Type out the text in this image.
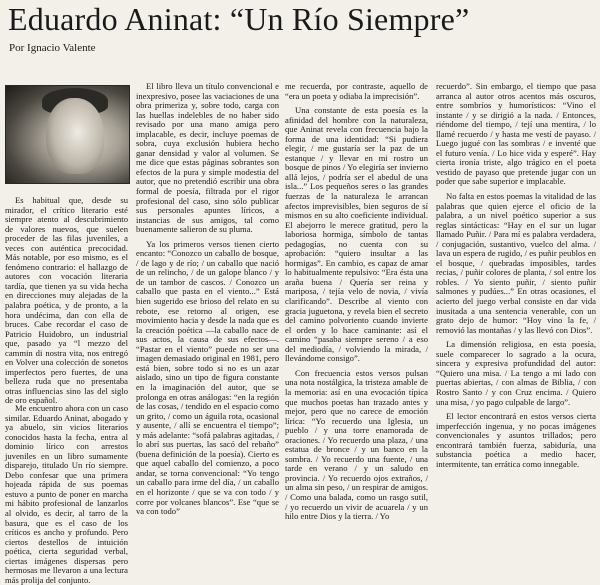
Eduardo Aninat: “Un Río Siempre”
Por Ignacio Valente

Es habitual que, desde su mirador, el crítico literario esté siempre atento al descubrimiento de valores nuevos, que suelen proceder de las filas juveniles, a veces con auténtica precocidad. Más notable, por eso mismo, es el fenómeno contrario: el hallazgo de autores con vocación literaria tardía, que tienen ya su vida hecha en direcciones muy alejadas de la palabra poética, y de pronto, a la hora undécima, dan con ella de bruces. Cabe recordar el caso de Patricio Huidobro, un industrial que, pasado ya “l mezzo del cammin di nostra vita, nos entregó en Volver una colección de sonetos imperfectos pero fuertes, de una belleza ruda que no presentaba otras influencias sino las del siglo de oro español.

Me encuentro ahora con un caso similar. Eduardo Aninat, abogado y ya abuelo, sin vicios literarios conocidos hasta la fecha, entra al dominio lírico con arrestos juveniles en un libro sumamente disparejo, titulado Un río siempre. Debo confesar que una primera hojeada rápida de sus poemas estuvo a punto de poner en marcha mi hábito profesional de lanzarlos al olvido, es decir, al tarro de la basura, que es el caso de los críticos es ancho y profundo. Pero ciertos destellos de intuición poética, cierta seguridad verbal, ciertas imágenes dispersas pero hermosas me llevaron a una lectura más prolija del conjunto.

El libro lleva un título convencional e inexpresivo, posee las vaciaciones de una obra primeriza y, sobre todo, carga con las huellas indelebles de no haber sido revisado por una mano amiga pero implacable, es decir, incluye poemas de sobra, cuya exclusión hubiera hecho ganar densidad y valor al volumen. Se me dice que estas páginas sobrantes son efectos de la pura y simple modestia del autor, que no pretendió escribir una obra formal de poesía, filtrada por el rigor profesional del caso, sino sólo publicar sus personales apuntes líricos, a instancias de sus amigos, tal como buenamente salieron de su pluma.

Ya los primeros versos tienen cierto encanto: “Conozco un caballo de bosque, / de lago y de río; / un caballo que nació de un relincho, / de un galope blanco / y de un tambor de cascos. / Conozco un caballo que pasta en el viento...” Está bien sugerido ese brioso del relato en su rebote, ese retorno al origen, ese movimiento hacia y desde la nada que es la creación poética —la caballo nace de sus actos, la causa de sus efectos—. “Pastar en el viento” puede no ser una imagen demasiado original en 1981, pero está bien, sobre todo si no es un azar aislado, sino un tipo de figura constante en la imaginación del autor, que se prolonga en otras análogas: “en la región de las cosas, / tendido en el espacio como un grito, / como un águila rota, ocasional y ausente, / allí se encuentra el tiempo”; y más adelante: “sofá palabras agitadas, / lo abrí sus puertas, las sacó del rebaño” (buena definición de la poesía). Cierto es que aquel caballo del comienzo, a poco andar, se torna convencional: “Yo tengo un caballo para irme del día, / un caballo en el horizonte / que se va con todo / y corre por volcanes blancos”. Ese “que se va con todo”

me recuerda, por contraste, aquello de “era un poeta y odiaba la imprecisión”.

Una constante de esta poesía es la afinidad del hombre con la naturaleza, que Aninat revela con frecuencia bajo la forma de una identidad: “Si pudiera elegir, / me gustaría ser la paz de un estanque / y llevar en mi rostro un bosque de pinos / Yo elegiría ser invierno allá lejos, / podría ser el abedul de una isla...” Los pequeños seres o las grandes fuerzas de la naturaleza le arrancan afectos imprevisibles, bien seguros de sí mismos en su alto coeficiente individual. El abejorro le merece gratitud, pero la laboriosa hormiga, símbolo de tantas pedagogías, no cuenta con su aprobación: “quiero insultar a las hormigas”. En cambio, es capaz de amar lo habitualmente repulsivo: “Era ésta una araña buena / Quería ser reina y mariposa, / tejía velo de novia, / vivía clarificando”. Describe al viento con gracia juguetona, y revela bien el secreto del camino polvoriento cuando invierte el orden y lo hace caminante: así el camino “pasaba siempre sereno / a eso del mediodía, / volviendo la mirada, / llevándome consigo”.

Con frecuencia estos versos pulsan una nota nostálgica, la tristeza amable de la memoria: así en una evocación típica que muchos poetas han trazado antes y mejor, pero que no carece de emoción lírica: “Yo recuerdo una Iglesia, un pueblo / y una torre enamorada de oraciones. / Yo recuerdo una plaza, / una estatua de bronce / y un banco en la sombra. / Yo recuerdo una fuente, / una tarde en verano / y un saludo en provincia. / Yo recuerdo ojos extraños, / un alma sin peso, / un respirar de amigos. / Como una balada, como un rasgo sutil, / yo recuerdo un vivir de acuarela / y un hilo entre Dios y la tierra. / Yo

recuerdo”. Sin embargo, el tiempo que pasa arranca al autor otros acentos más oscuros, entre sombríos y humorísticos: “Vino el instante / y se dirigió a la nada. / Entonces, riéndome del tiempo, / tejí una mentira, / lo llamé recuerdo / y hasta me vestí de payaso. / Luego jugué con las sombras / e inventé que el futuro venía. / Lo hice vida y esperé”. Hay cierta ironía triste, algo trágico en el poeta vestido de payaso que pretende jugar con un poder que sabe superior e implacable.

No falta en estos poemas la vitalidad de las palabras que quien ejerce el oficio de la palabra, a un nivel poético superior a sus reglas sintácticas: “Hay en el sur un lugar llamado Puñir. / Para mí es palabra verdadera, / conjugación, sustantivo, vuelco del alma. / lava un espera de rugido, / es puñir peublos en el bosque, / quebradas imposibles, tardes recias, / puñir colores de planta, / sol entre los robles. / Yo siento puñir, / siento puñir salmones y pudúes...” En otras ocasiones, el acierto del juego verbal consiste en dar vida inusitada a una sentencia venerable, con un grato dejo de humor: “Hoy vino la fe, / removió las montañas / y las llevó con Dios”.

La dimensión religiosa, en esta poesía, suele comparecer lo sagrado a la ocura, sincera y expresiva profundidad del autor: “Quiero una misa. / La tengo a mi lado con puertas abiertas, / con almas de Biblia, / con Rostro Santo / y con Cruz encima. / Quiero una misa, / yo pago culpable de largo”.

El lector encontrará en estos versos cierta imperfección ingenua, y no pocas imágenes convencionales y asuntos trillados; pero encontrará también fuerza, sabiduría, una substancia poética a medio hacer, intermitente, tan errática como innegable.
